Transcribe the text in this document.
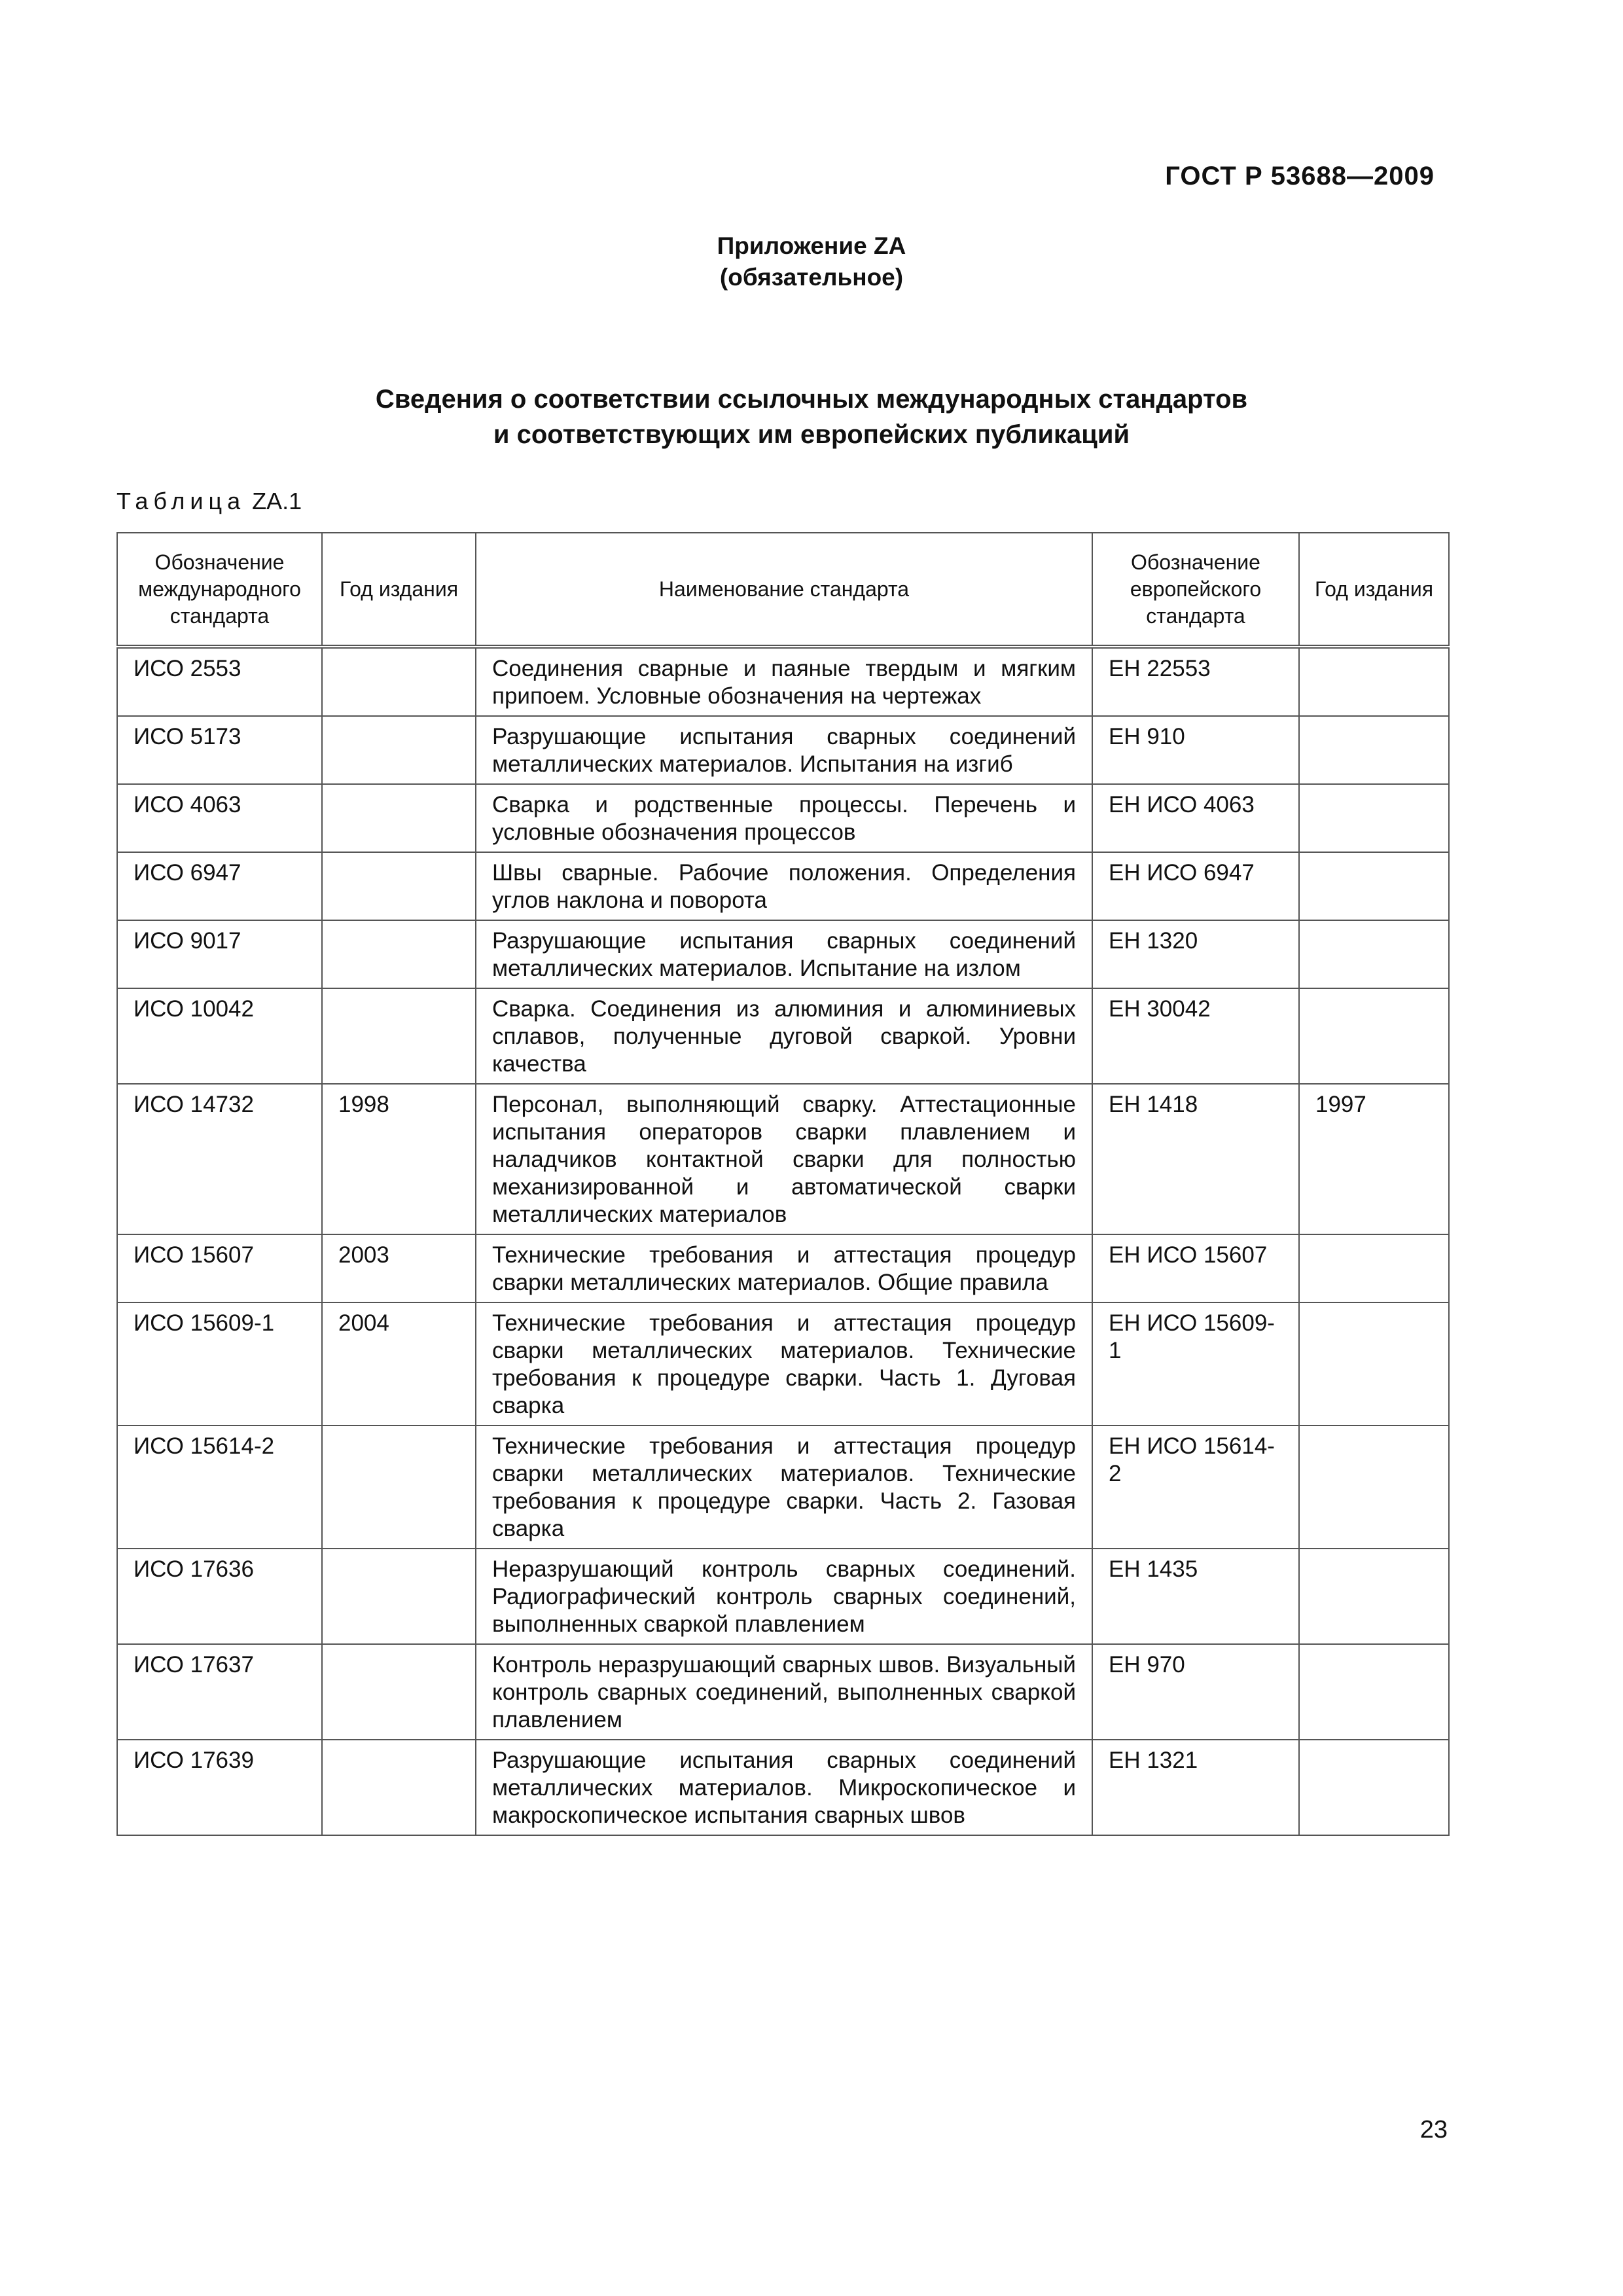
ГОСТ Р 53688—2009
Приложение ZA
(обязательное)
Сведения о соответствии ссылочных международных стандартов
и соответствующих им европейских публикаций
Таблица ZA.1
Обозначение международного стандарта	Год издания	Наименование стандарта	Обозначение европейского стандарта	Год издания
ИСО 2553		Соединения сварные и паяные твердым и мягким припоем. Условные обозначения на чертежах	ЕН 22553	
ИСО 5173		Разрушающие испытания сварных соединений металлических материалов. Испытания на изгиб	ЕН 910	
ИСО 4063		Сварка и родственные процессы. Перечень и условные обозначения процессов	ЕН ИСО 4063	
ИСО 6947		Швы сварные. Рабочие положения. Определения углов наклона и поворота	ЕН ИСО 6947	
ИСО 9017		Разрушающие испытания сварных соединений металлических материалов. Испытание на излом	ЕН 1320	
ИСО 10042		Сварка. Соединения из алюминия и алюминиевых сплавов, полученные дуговой сваркой. Уровни качества	ЕН 30042	
ИСО 14732	1998	Персонал, выполняющий сварку. Аттестационные испытания операторов сварки плавлением и наладчиков контактной сварки для полностью механизированной и автоматической сварки металлических материалов	ЕН 1418	1997
ИСО 15607	2003	Технические требования и аттестация процедур сварки металлических материалов. Общие правила	ЕН ИСО 15607	
ИСО 15609-1	2004	Технические требования и аттестация процедур сварки металлических материалов. Технические требования к процедуре сварки. Часть 1. Дуговая сварка	ЕН ИСО 15609-1	
ИСО 15614-2		Технические требования и аттестация процедур сварки металлических материалов. Технические требования к процедуре сварки. Часть 2. Газовая сварка	ЕН ИСО 15614-2	
ИСО 17636		Неразрушающий контроль сварных соединений. Радиографический контроль сварных соединений, выполненных сваркой плавлением	ЕН 1435	
ИСО 17637		Контроль неразрушающий сварных швов. Визуальный контроль сварных соединений, выполненных сваркой плавлением	ЕН 970	
ИСО 17639		Разрушающие испытания сварных соединений металлических материалов. Микроскопическое и макроскопическое испытания сварных швов	ЕН 1321	
23
